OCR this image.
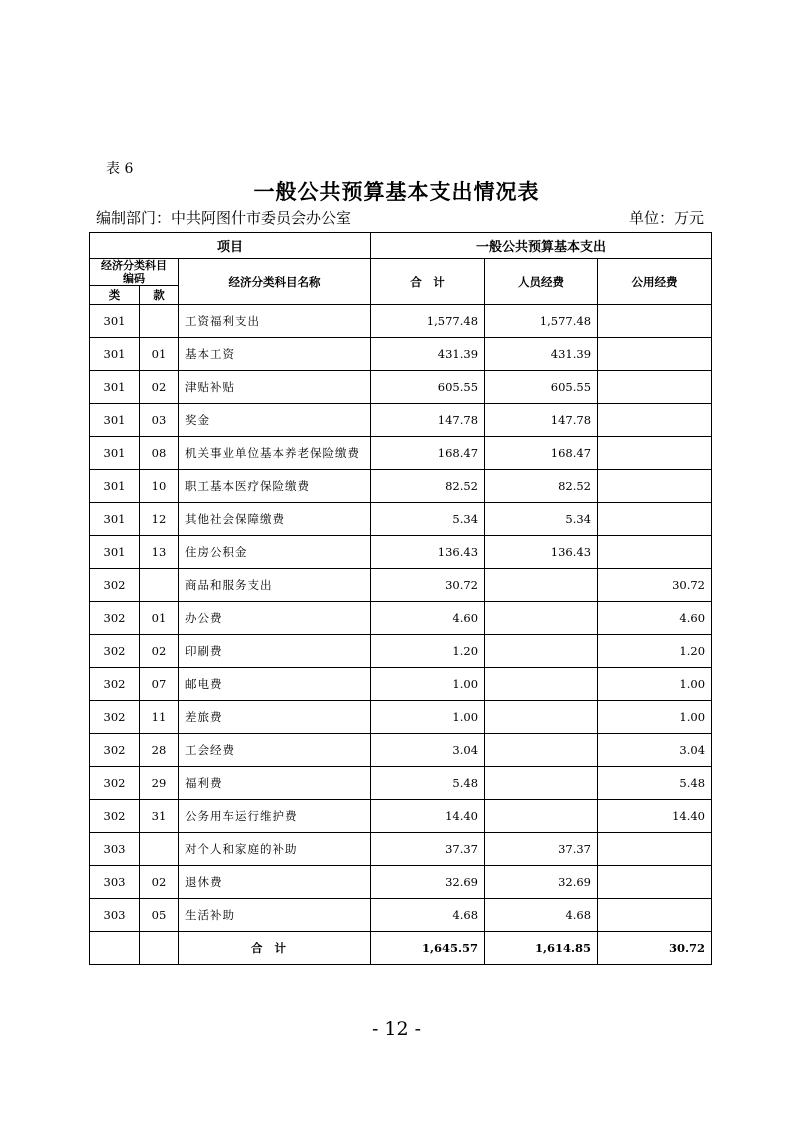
表 6
一般公共预算基本支出情况表
编制部门：中共阿图什市委员会办公室	单位：万元
项目			一般公共预算基本支出		
经济分类科目编码		经济分类科目名称	合　计	人员经费	公用经费
类	款				
301		工资福利支出	1,577.48	1,577.48	
301	01	基本工资	431.39	431.39	
301	02	津贴补贴	605.55	605.55	
301	03	奖金	147.78	147.78	
301	08	机关事业单位基本养老保险缴费	168.47	168.47	
301	10	职工基本医疗保险缴费	82.52	82.52	
301	12	其他社会保障缴费	5.34	5.34	
301	13	住房公积金	136.43	136.43	
302		商品和服务支出	30.72		30.72
302	01	办公费	4.60		4.60
302	02	印刷费	1.20		1.20
302	07	邮电费	1.00		1.00
302	11	差旅费	1.00		1.00
302	28	工会经费	3.04		3.04
302	29	福利费	5.48		5.48
302	31	公务用车运行维护费	14.40		14.40
303		对个人和家庭的补助	37.37	37.37	
303	02	退休费	32.69	32.69	
303	05	生活补助	4.68	4.68	
		合计	1,645.57	1,614.85	30.72
- 12 -
